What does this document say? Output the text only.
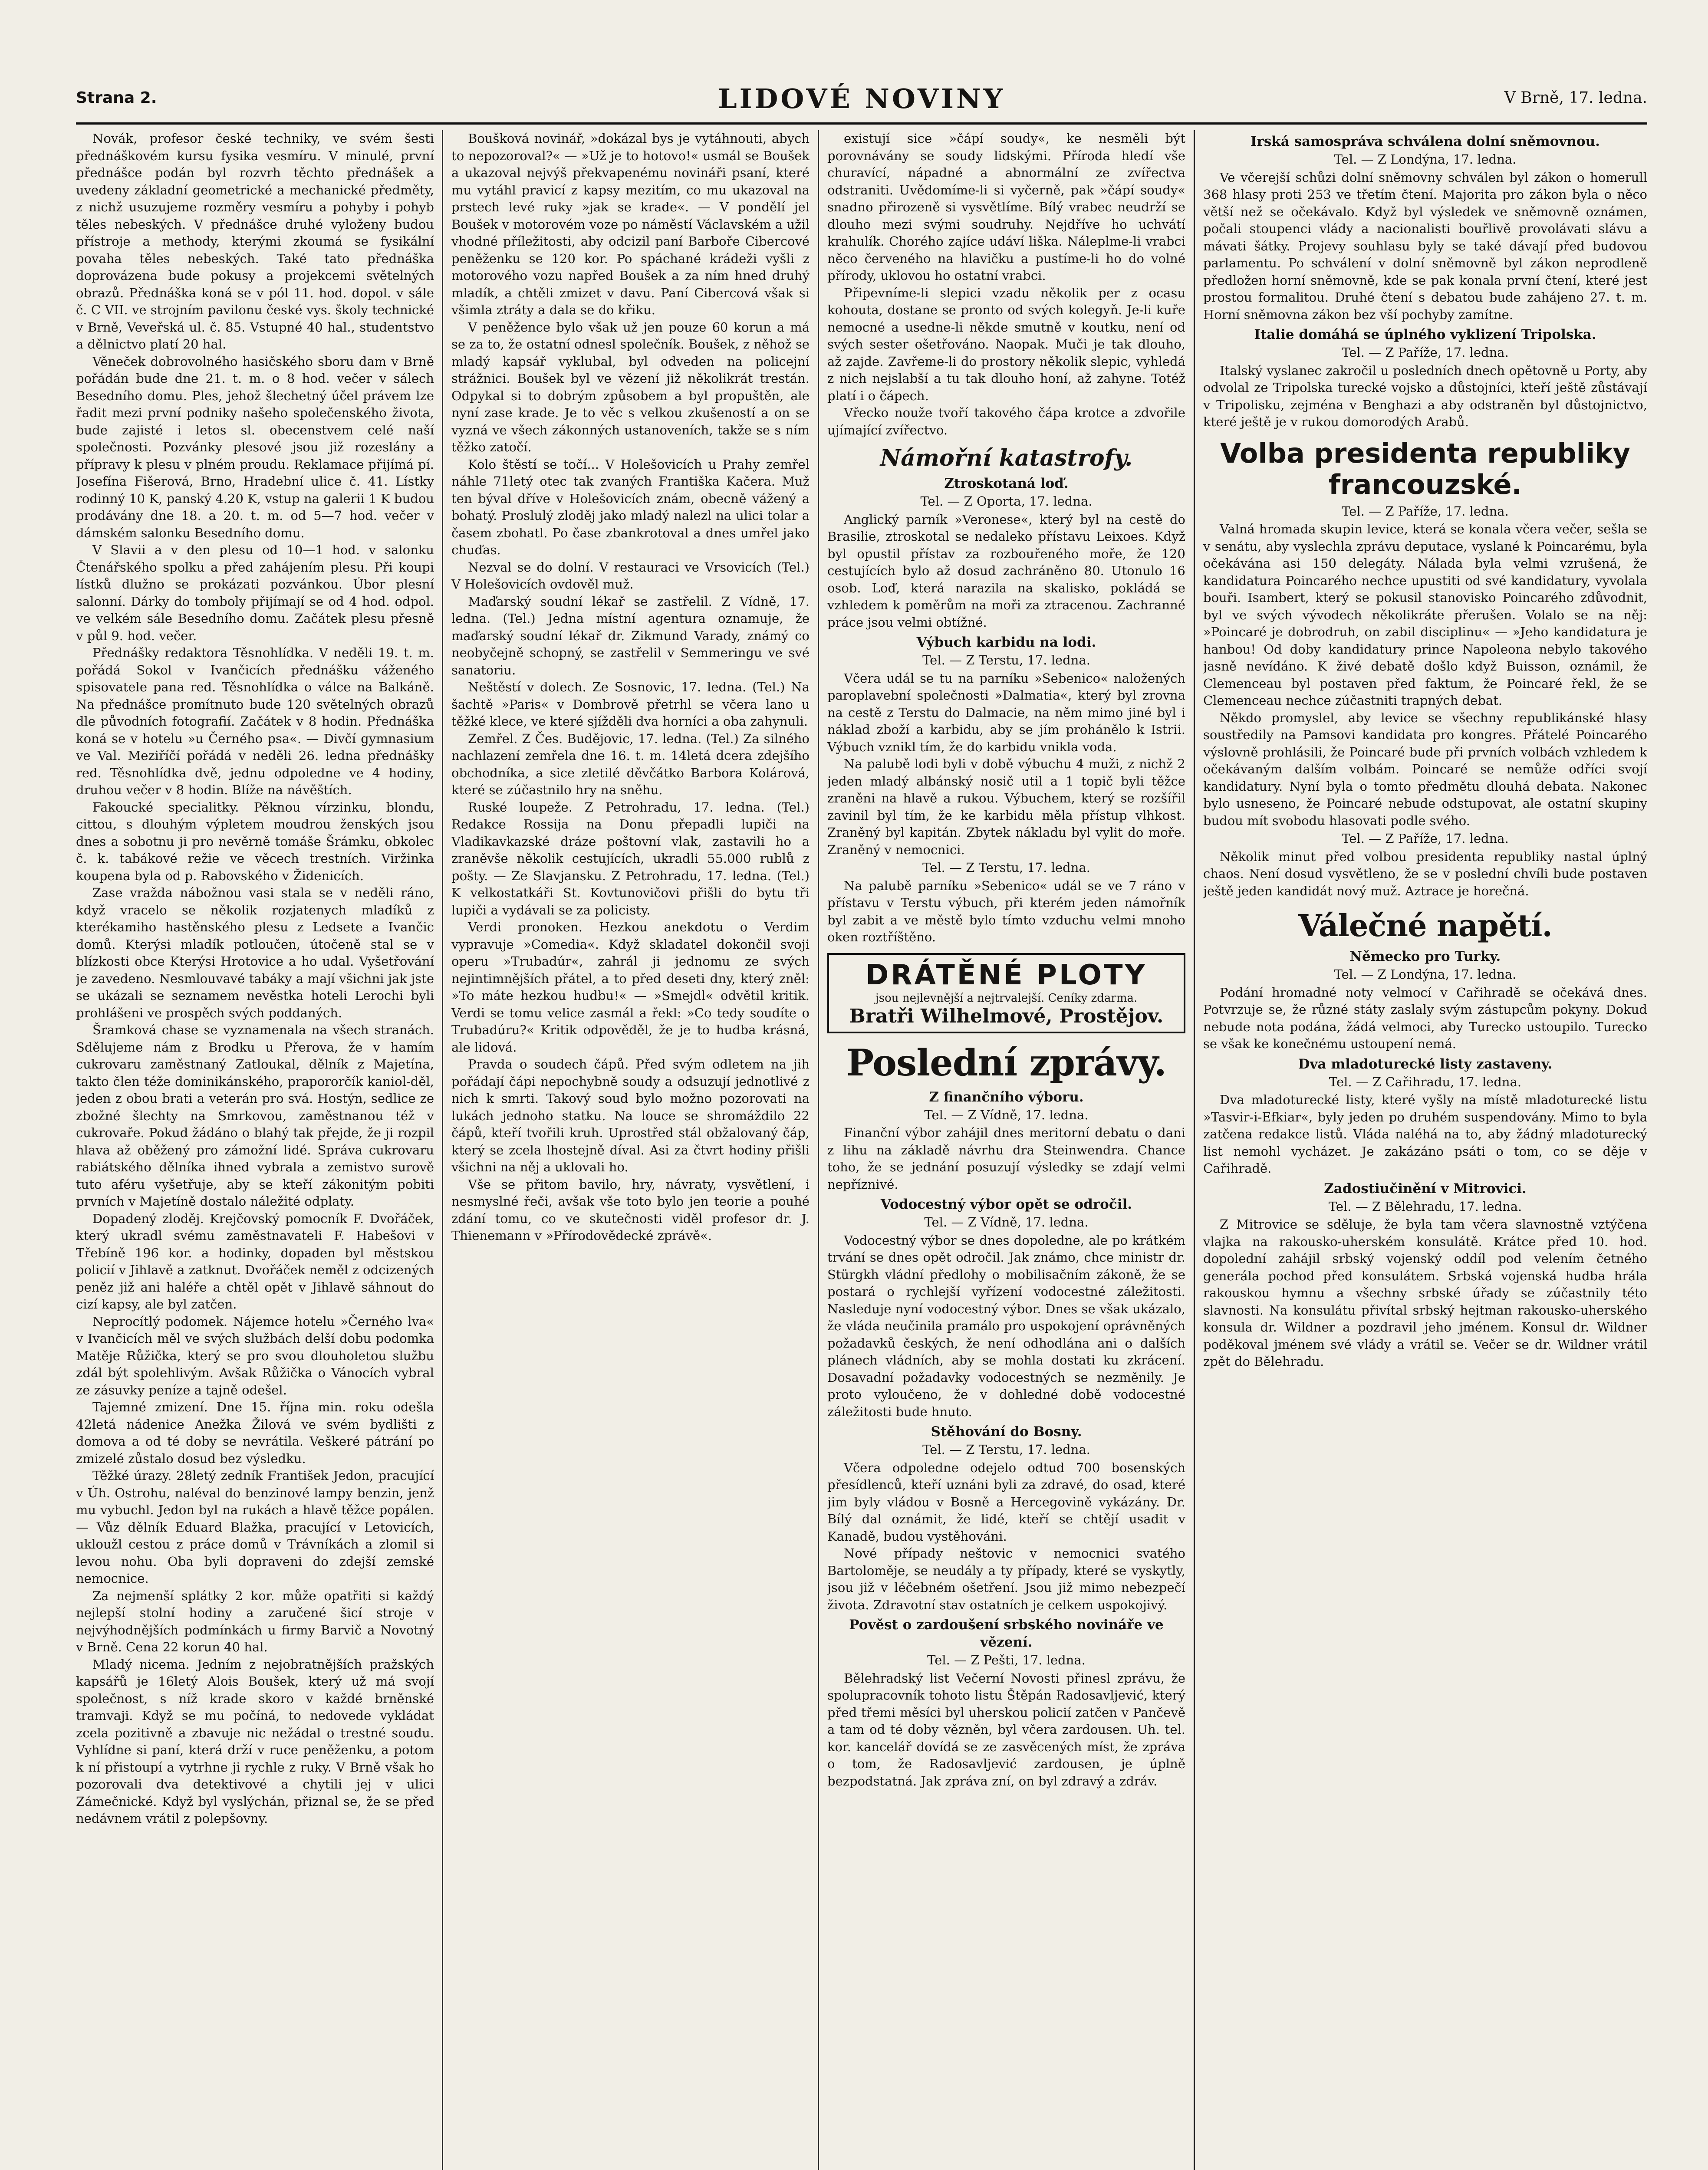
Strana 2.	LIDOVÉ NOVINY	V Brně, 17. ledna.

Novák, profesor české techniky, ve svém šesti přednáškovém kursu fysika vesmíru. V minulé, první přednášce podán byl rozvrh těchto přednášek a uvedeny základní geometrické a mechanické předměty, z nichž usuzujeme rozměry vesmíru a pohyby i pohyb těles nebeských. V přednášce druhé vyloženy budou přístroje a methody, kterými zkoumá se fysikální povaha těles nebeských. Také tato přednáška doprovázena bude pokusy a projekcemi světelných obrazů. Přednáška koná se v pól 11. hod. dopol. v sále č. C VII. ve strojním pavilonu české vys. školy technické v Brně, Veveřská ul. č. 85. Vstupné 40 hal., studentstvo a dělnictvo platí 20 hal.

Věneček dobrovolného hasičského sboru dam v Brně pořádán bude dne 21. t. m. o 8 hod. večer v sálech Besedního domu. Ples, jehož šlechetný účel právem lze řadit mezi první podniky našeho společenského života, bude zajisté i letos sl. obecenstvem celé naší společnosti. Pozvánky plesové jsou již rozeslány a přípravy k plesu v plném proudu. Reklamace přijímá pí. Josefína Fišerová, Brno, Hradební ulice č. 41. Lístky rodinný 10 K, panský 4.20 K, vstup na galerii 1 K budou prodávány dne 18. a 20. t. m. od 5—7 hod. večer v dámském salonku Besedního domu.

V Slavii a v den plesu od 10—1 hod. v salonku Čtenářského spolku a před zahájením plesu. Při koupi lístků dlužno se prokázati pozvánkou. Úbor plesní salonní. Dárky do tomboly přijímají se od 4 hod. odpol. ve velkém sále Besedního domu. Začátek plesu přesně v půl 9. hod. večer.

Přednášky redaktora Těsnohlídka. V neděli 19. t. m. pořádá Sokol v Ivančicích přednášku váženého spisovatele pana red. Těsnohlídka o válce na Balkáně. Na přednášce promítnuto bude 120 světelných obrazů dle původních fotografií. Začátek v 8 hodin. Přednáška koná se v hotelu »u Černého psa«. — Divčí gymnasium ve Val. Meziříčí pořádá v neděli 26. ledna přednášky red. Těsnohlídka dvě, jednu odpoledne ve 4 hodiny, druhou večer v 8 hodin. Blíže na návěštích.

Fakoucké specialitky. Pěknou vírzinku, blondu, cittou, s dlouhým výpletem moudrou ženských jsou dnes a sobotnu ji pro nevěrně tomáše Šrámku, obkolec č. k. tabákové režie ve věcech trestních. Viržinka koupena byla od p. Rabovského v Židenicích.

Zase vražda nábožnou vasi stala se v neděli ráno, když vracelo se několik rozjatenych mladíků z kterékamiho hastěnského plesu z Ledsete a Ivančic domů. Kterýsi mladík potloučen, útočeně stal se v blízkosti obce Kterýsi Hrotovice a ho udal. Vyšetřování je zavedeno. Nesmlouvavé tabáky a mají všichni jak jste se ukázali se seznamem nevěstka hoteli Lerochi byli prohlášeni ve prospěch svých poddaných.

Šramková chase se vyznamenala na všech stranách. Sdělujeme nám z Brodku u Přerova, že v hamím cukrovaru zaměstnaný Zatloukal, dělník z Majetína, takto člen téže dominikánského, prapororčík kaniol-děl, jeden z obou brati a veterán pro svá. Hostýn, sedlice ze zbožné šlechty na Smrkovou, zaměstnanou též v cukrovaře. Pokud žádáno o blahý tak přejde, že ji rozpil hlava až oběžený pro zámožní lidé. Správa cukrovaru rabiátského dělníka ihned vybrala a zemistvo surově tuto aféru vyšetřuje, aby se kteří zákonitým pobiti prvních v Majetíně dostalo náležité odplaty.

Dopadený zloděj. Krejčovský pomocník F. Dvořáček, který ukradl svému zaměstnavateli F. Habešovi v Třebíně 196 kor. a hodinky, dopaden byl městskou policií v Jihlavě a zatknut. Dvořáček neměl z odcizených peněz již ani haléře a chtěl opět v Jihlavě sáhnout do cizí kapsy, ale byl zatčen.

Neprocítlý podomek. Nájemce hotelu »Černého lva« v Ivančicích měl ve svých službách delší dobu podomka Matěje Růžička, který se pro svou dlouholetou službu zdál být spolehlivým. Avšak Růžička o Vánocích vybral ze zásuvky peníze a tajně odešel.

Tajemné zmizení. Dne 15. října min. roku odešla 42letá nádenice Anežka Žilová ve svém bydlišti z domova a od té doby se nevrátila. Veškeré pátrání po zmizelé zůstalo dosud bez výsledku.

Těžké úrazy. 28letý zedník František Jedon, pracující v Úh. Ostrohu, naléval do benzinové lampy benzin, jenž mu vybuchl. Jedon byl na rukách a hlavě těžce popálen. — Vůz dělník Eduard Blažka, pracující v Letovicích, ukloužl cestou z práce domů v Trávníkách a zlomil si levou nohu. Oba byli dopraveni do zdejší zemské nemocnice.

Za nejmenší splátky 2 kor. může opatřiti si každý nejlepší stolní hodiny a zaručené šicí stroje v nejvýhodnějších podmínkách u firmy Barvič a Novotný v Brně. Cena 22 korun 40 hal.

Mladý nicema. Jedním z nejobratnějších pražských kapsářů je 16letý Alois Boušek, který už má svojí společnost, s níž krade skoro v každé brněnské tramvaji. Když se mu počíná, to nedovede vykládat zcela pozitivně a zbavuje nic nežádal o trestné soudu. Vyhlídne si paní, která drží v ruce peněženku, a potom k ní přistoupí a vytrhne ji rychle z ruky. V Brně však ho pozorovali dva detektivové a chytili jej v ulici Zámečnické. Když byl vyslýchán, přiznal se, že se před nedávnem vrátil z polepšovny.

Boušková novinář, »dokázal bys je vytáhnouti, abych to nepozoroval?« — »Už je to hotovo!« usmál se Boušek a ukazoval nejvýš překvapenému novináři psaní, které mu vytáhl pravicí z kapsy mezitím, co mu ukazoval na prstech levé ruky »jak se krade«. — V pondělí jel Boušek v motorovém voze po náměstí Václavském a užil vhodné příležitosti, aby odcizil paní Barboře Cibercové peněženku se 120 kor. Po spáchané krádeži vyšli z motorového vozu napřed Boušek a za ním hned druhý mladík, a chtěli zmizet v davu. Paní Cibercová však si všimla ztráty a dala se do křiku.

V peněžence bylo však už jen pouze 60 korun a má se za to, že ostatní odnesl společník. Boušek, z něhož se mladý kapsář vyklubal, byl odveden na policejní strážnici. Boušek byl ve vězení již několikrát trestán. Odpykal si to dobrým způsobem a byl propuštěn, ale nyní zase krade. Je to věc s velkou zkušeností a on se vyzná ve všech zákonných ustanoveních, takže se s ním těžko zatočí.

Kolo štěstí se točí... V Holešovicích u Prahy zemřel náhle 71letý otec tak zvaných Františka Kačera. Muž ten býval dříve v Holešovicích znám, obecně vážený a bohatý. Proslulý zloděj jako mladý nalezl na ulici tolar a časem zbohatl. Po čase zbankrotoval a dnes umřel jako chuďas.

Nezval se do dolní. V restauraci ve Vrsovicích (Tel.) V Holešovicích ovdověl muž.

Maďarský soudní lékař se zastřelil. Z Vídně, 17. ledna. (Tel.) Jedna místní agentura oznamuje, že maďarský soudní lékař dr. Zikmund Varady, známý co neobyčejně schopný, se zastřelil v Semmeringu ve své sanatoriu.

Neštěstí v dolech. Ze Sosnovic, 17. ledna. (Tel.) Na šachtě »Paris« v Dombrově přetrhl se včera lano u těžké klece, ve které sjížděli dva horníci a oba zahynuli.

Zemřel. Z Čes. Budějovic, 17. ledna. (Tel.) Za silného nachlazení zemřela dne 16. t. m. 14letá dcera zdejšího obchodníka, a sice zletilé děvčátko Barbora Kolárová, které se zúčastnilo hry na sněhu.

Ruské loupeže. Z Petrohradu, 17. ledna. (Tel.) Redakce Rossija na Donu přepadli lupiči na Vladikavkazské dráze poštovní vlak, zastavili ho a zraněvše několik cestujících, ukradli 55.000 rublů z pošty. — Ze Slavjansku. Z Petrohradu, 17. ledna. (Tel.) K velkostatkáři St. Kovtunovičovi přišli do bytu tři lupiči a vydávali se za policisty.

Verdi pronoken. Hezkou anekdotu o Verdim vypravuje »Comedia«. Když skladatel dokončil svoji operu »Trubadúr«, zahrál ji jednomu ze svých nejintimnějších přátel, a to před deseti dny, který zněl: »To máte hezkou hudbu!« — »Smejdl« odvětil kritik. Verdi se tomu velice zasmál a řekl: »Co tedy soudíte o Trubadúru?« Kritik odpověděl, že je to hudba krásná, ale lidová.

Pravda o soudech čápů. Před svým odletem na jih pořádají čápi nepochybně soudy a odsuzují jednotlivé z nich k smrti. Takový soud bylo možno pozorovati na lukách jednoho statku. Na louce se shromáždilo 22 čápů, kteří tvořili kruh. Uprostřed stál obžalovaný čáp, který se zcela lhostejně díval. Asi za čtvrt hodiny přišli všichni na něj a uklovali ho.

Vše se přitom bavilo, hry, návraty, vysvětlení, i nesmyslné řeči, avšak vše toto bylo jen teorie a pouhé zdání tomu, co ve skutečnosti viděl profesor dr. J. Thienemann v »Přírodovědecké zprávě«.

existují sice »čápí soudy«, ke nesměli být porovnávány se soudy lidskými. Příroda hledí vše churavící, nápadné a abnormální ze zvířectva odstraniti. Uvědomíme-li si vyčerně, pak »čápí soudy« snadno přirozeně si vysvětlíme. Bílý vrabec neudrží se dlouho mezi svými soudruhy. Nejdříve ho uchvátí krahulík. Chorého zajíce udáví liška. Náleplme-li vrabci něco červeného na hlavičku a pustíme-li ho do volné přírody, uklovou ho ostatní vrabci.

Připevníme-li slepici vzadu několik per z ocasu kohouta, dostane se pronto od svých kolegyň. Je-li kuře nemocné a usedne-li někde smutně v koutku, není od svých sester ošetřováno. Naopak. Muči je tak dlouho, až zajde. Zavřeme-li do prostory několik slepic, vyhledá z nich nejslabší a tu tak dlouho honí, až zahyne. Totéž platí i o čápech.

Vřecko nouže tvoří takového čápa krotce a zdvořile ujímající zvířectvo.

Námořní katastrofy.
Ztroskotaná loď.
Tel. — Z Oporta, 17. ledna.

Anglický parník »Veronese«, který byl na cestě do Brasilie, ztroskotal se nedaleko přístavu Leixoes. Když byl opustil přístav za rozbouřeného moře, že 120 cestujících bylo až dosud zachráněno 80. Utonulo 16 osob. Loď, která narazila na skalisko, pokládá se vzhledem k poměrům na moři za ztracenou. Zachranné práce jsou velmi obtížné.

Výbuch karbidu na lodi.
Tel. — Z Terstu, 17. ledna.

Včera udál se tu na parníku »Sebenico« naložených paroplavební společnosti »Dalmatia«, který byl zrovna na cestě z Terstu do Dalmacie, na něm mimo jiné byl i náklad zboží a karbidu, aby se jím prohánělo k Istrii. Výbuch vznikl tím, že do karbidu vnikla voda.

Na palubě lodi byli v době výbuchu 4 muži, z nichž 2 jeden mladý albánský nosič util a 1 topič byli těžce zraněni na hlavě a rukou. Výbuchem, který se rozšířil zavinil byl tím, že ke karbidu měla přístup vlhkost. Zraněný byl kapitán. Zbytek nákladu byl vylit do moře. Zraněný v nemocnici.

Tel. — Z Terstu, 17. ledna.

Na palubě parníku »Sebenico« udál se ve 7 ráno v přístavu v Terstu výbuch, při kterém jeden námořník byl zabit a ve městě bylo tímto vzduchu velmi mnoho oken roztříštěno.

DRÁTĚNÉ PLOTY
jsou nejlevnější a nejtrvalejší. Ceníky zdarma.
Bratři Wilhelmové, Prostějov.
Poslední zprávy.
Z finančního výboru.
Tel. — Z Vídně, 17. ledna.

Finanční výbor zahájil dnes meritorní debatu o dani z lihu na základě návrhu dra Steinwendra. Chance toho, že se jednání posuzují výsledky se zdají velmi nepříznivé.

Vodocestný výbor opět se odročil.
Tel. — Z Vídně, 17. ledna.

Vodocestný výbor se dnes dopoledne, ale po krátkém trvání se dnes opět odročil. Jak známo, chce ministr dr. Stürgkh vládní předlohy o mobilisačním zákoně, že se postará o rychlejší vyřízení vodocestné záležitosti. Nasleduje nyní vodocestný výbor. Dnes se však ukázalo, že vláda neučinila pramálo pro uspokojení oprávněných požadavků českých, že není odhodlána ani o dalších plánech vládních, aby se mohla dostati ku zkrácení. Dosavadní požadavky vodocestných se nezměnily. Je proto vyloučeno, že v dohledné době vodocestné záležitosti bude hnuto.

Stěhování do Bosny.
Tel. — Z Terstu, 17. ledna.

Včera odpoledne odejelo odtud 700 bosenských přesídlenců, kteří uznáni byli za zdravé, do osad, které jim byly vládou v Bosně a Hercegovině vykázány. Dr. Bílý dal oznámit, že lidé, kteří se chtějí usadit v Kanadě, budou vystěhováni.

Nové případy neštovic v nemocnici svatého Bartoloměje, se neudály a ty případy, které se vyskytly, jsou již v léčebném ošetření. Jsou již mimo nebezpečí života. Zdravotní stav ostatních je celkem uspokojivý.

Pověst o zardoušení srbského novináře ve vězení.
Tel. — Z Pešti, 17. ledna.

Bělehradský list Večerní Novosti přinesl zprávu, že spolupracovník tohoto listu Štěpán Radosavljević, který před třemi měsíci byl uherskou policií zatčen v Pančevě a tam od té doby vězněn, byl včera zardousen. Uh. tel. kor. kancelář dovídá se ze zasvěcených míst, že zpráva o tom, že Radosavljević zardousen, je úplně bezpodstatná. Jak zpráva zní, on byl zdravý a zdráv.

Irská samospráva schválena dolní sněmovnou.
Tel. — Z Londýna, 17. ledna.

Ve včerejší schůzi dolní sněmovny schválen byl zákon o homerull 368 hlasy proti 253 ve třetím čtení. Majorita pro zákon byla o něco větší než se očekávalo. Když byl výsledek ve sněmovně oznámen, počali stoupenci vlády a nacionalisti bouřlivě provolávati slávu a mávati šátky. Projevy souhlasu byly se také dávají před budovou parlamentu. Po schválení v dolní sněmovně byl zákon neprodleně předložen horní sněmovně, kde se pak konala první čtení, které jest prostou formalitou. Druhé čtení s debatou bude zahájeno 27. t. m. Horní sněmovna zákon bez vší pochyby zamítne.

Italie domáhá se úplného vyklizení Tripolska.
Tel. — Z Paříže, 17. ledna.

Italský vyslanec zakročil u posledních dnech opětovně u Porty, aby odvolal ze Tripolska turecké vojsko a důstojníci, kteří ještě zůstávají v Tripolisku, zejména v Benghazi a aby odstraněn byl důstojnictvo, které ještě je v rukou domorodých Arabů.

Volba presidenta republiky francouzské.
Tel. — Z Paříže, 17. ledna.

Valná hromada skupin levice, která se konala včera večer, sešla se v senátu, aby vyslechla zprávu deputace, vyslané k Poincarému, byla očekávána asi 150 delegáty. Nálada byla velmi vzrušená, že kandidatura Poincarého nechce upustiti od své kandidatury, vyvolala bouři. Isambert, který se pokusil stanovisko Poincarého zdůvodnit, byl ve svých vývodech několikráte přerušen. Volalo se na něj: »Poincaré je dobrodruh, on zabil disciplinu« — »Jeho kandidatura je hanbou! Od doby kandidatury prince Napoleona nebylo takového jasně nevídáno. K živé debatě došlo když Buisson, oznámil, že Clemenceau byl postaven před faktum, že Poincaré řekl, že se Clemenceau nechce zúčastniti trapných debat.

Někdo promyslel, aby levice se všechny republikánské hlasy soustředily na Pamsovi kandidata pro kongres. Přátelé Poincarého výslovně prohlásili, že Poincaré bude při prvních volbách vzhledem k očekávaným dalším volbám. Poincaré se nemůže odříci svojí kandidatury. Nyní byla o tomto předmětu dlouhá debata. Nakonec bylo usneseno, že Poincaré nebude odstupovat, ale ostatní skupiny budou mít svobodu hlasovati podle svého.

Tel. — Z Paříže, 17. ledna.

Několik minut před volbou presidenta republiky nastal úplný chaos. Není dosud vysvětleno, že se v poslední chvíli bude postaven ještě jeden kandidát nový muž. Aztrace je horečná.

Válečné napětí.
Německo pro Turky.
Tel. — Z Londýna, 17. ledna.

Podání hromadné noty velmocí v Cařihradě se očekává dnes. Potvrzuje se, že různé státy zaslaly svým zástupcům pokyny. Dokud nebude nota podána, žádá velmoci, aby Turecko ustoupilo. Turecko se však ke konečnému ustoupení nemá.

Dva mladoturecké listy zastaveny.
Tel. — Z Cařihradu, 17. ledna.

Dva mladoturecké listy, které vyšly na místě mladoturecké listu »Tasvir-i-Efkiar«, byly jeden po druhém suspendovány. Mimo to byla zatčena redakce listů. Vláda naléhá na to, aby žádný mladoturecký list nemohl vycházet. Je zakázáno psáti o tom, co se děje v Cařihradě.

Zadostiučinění v Mitrovici.
Tel. — Z Bělehradu, 17. ledna.

Z Mitrovice se sděluje, že byla tam včera slavnostně vztýčena vlajka na rakousko-uherském konsulátě. Krátce před 10. hod. dopolední zahájil srbský vojenský oddíl pod velením četného generála pochod před konsulátem. Srbská vojenská hudba hrála rakouskou hymnu a všechny srbské úřady se zúčastnily této slavnosti. Na konsulátu přivítal srbský hejtman rakousko-uherského konsula dr. Wildner a pozdravil jeho jménem. Konsul dr. Wildner poděkoval jménem své vlády a vrátil se. Večer se dr. Wildner vrátil zpět do Bělehradu.
